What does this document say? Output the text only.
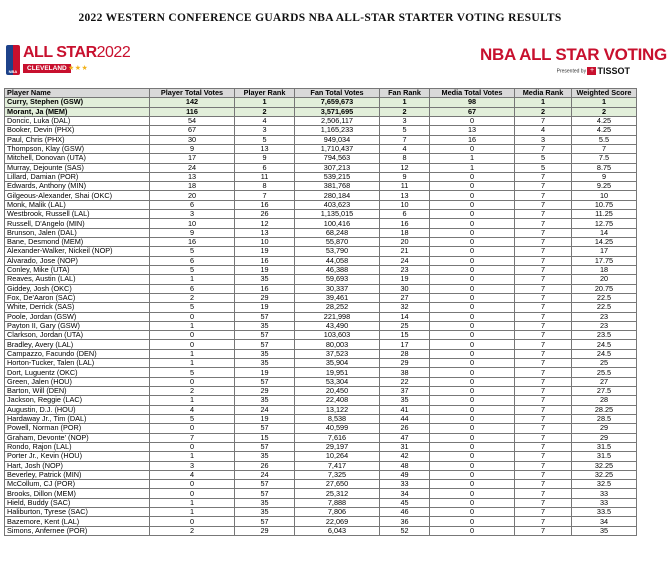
2022 WESTERN CONFERENCE GUARDS NBA ALL-STAR STARTER VOTING RESULTS
NBA
ALL STAR2022
CLEVELAND ★★★
NBA ALL STAR VOTING
Presented by + TISSOT
Player Name	Player Total Votes	Player Rank	Fan Total Votes	Fan Rank	Media Total Votes	Media Rank	Weighted Score
Curry, Stephen (GSW)	142	1	7,659,673	1	98	1	1
Morant, Ja (MEM)	116	2	3,571,695	2	67	2	2
Doncic, Luka (DAL)	54	4	2,506,117	3	0	7	4.25
Booker, Devin (PHX)	67	3	1,165,233	5	13	4	4.25
Paul, Chris (PHX)	30	5	949,034	7	16	3	5.5
Thompson, Klay (GSW)	9	13	1,710,437	4	0	7	7
Mitchell, Donovan (UTA)	17	9	794,563	8	1	5	7.5
Murray, Dejounte (SAS)	24	6	307,213	12	1	5	8.75
Lillard, Damian (POR)	13	11	539,215	9	0	7	9
Edwards, Anthony (MIN)	18	8	381,768	11	0	7	9.25
Gilgeous-Alexander, Shai (OKC)	20	7	280,184	13	0	7	10
Monk, Malik (LAL)	6	16	403,623	10	0	7	10.75
Westbrook, Russell (LAL)	3	26	1,135,015	6	0	7	11.25
Russell, D'Angelo (MIN)	10	12	100,416	16	0	7	12.75
Brunson, Jalen (DAL)	9	13	68,248	18	0	7	14
Bane, Desmond (MEM)	16	10	55,870	20	0	7	14.25
Alexander-Walker, Nickeil (NOP)	5	19	53,790	21	0	7	17
Alvarado, Jose (NOP)	6	16	44,058	24	0	7	17.75
Conley, Mike (UTA)	5	19	46,388	23	0	7	18
Reaves, Austin (LAL)	1	35	59,693	19	0	7	20
Giddey, Josh (OKC)	6	16	30,337	30	0	7	20.75
Fox, De'Aaron (SAC)	2	29	39,461	27	0	7	22.5
White, Derrick (SAS)	5	19	28,252	32	0	7	22.5
Poole, Jordan (GSW)	0	57	221,998	14	0	7	23
Payton II, Gary (GSW)	1	35	43,490	25	0	7	23
Clarkson, Jordan (UTA)	0	57	103,603	15	0	7	23.5
Bradley, Avery (LAL)	0	57	80,003	17	0	7	24.5
Campazzo, Facundo (DEN)	1	35	37,523	28	0	7	24.5
Horton-Tucker, Talen (LAL)	1	35	35,904	29	0	7	25
Dort, Luguentz (OKC)	5	19	19,951	38	0	7	25.5
Green, Jalen (HOU)	0	57	53,304	22	0	7	27
Barton, Will (DEN)	2	29	20,450	37	0	7	27.5
Jackson, Reggie (LAC)	1	35	22,408	35	0	7	28
Augustin, D.J. (HOU)	4	24	13,122	41	0	7	28.25
Hardaway Jr., Tim (DAL)	5	19	8,538	44	0	7	28.5
Powell, Norman (POR)	0	57	40,599	26	0	7	29
Graham, Devonte' (NOP)	7	15	7,616	47	0	7	29
Rondo, Rajon (LAL)	0	57	29,197	31	0	7	31.5
Porter Jr., Kevin (HOU)	1	35	10,264	42	0	7	31.5
Hart, Josh (NOP)	3	26	7,417	48	0	7	32.25
Beverley, Patrick (MIN)	4	24	7,325	49	0	7	32.25
McCollum, CJ (POR)	0	57	27,650	33	0	7	32.5
Brooks, Dillon (MEM)	0	57	25,312	34	0	7	33
Hield, Buddy (SAC)	1	35	7,888	45	0	7	33
Haliburton, Tyrese (SAC)	1	35	7,806	46	0	7	33.5
Bazemore, Kent (LAL)	0	57	22,069	36	0	7	34
Simons, Anfernee (POR)	2	29	6,043	52	0	7	35
